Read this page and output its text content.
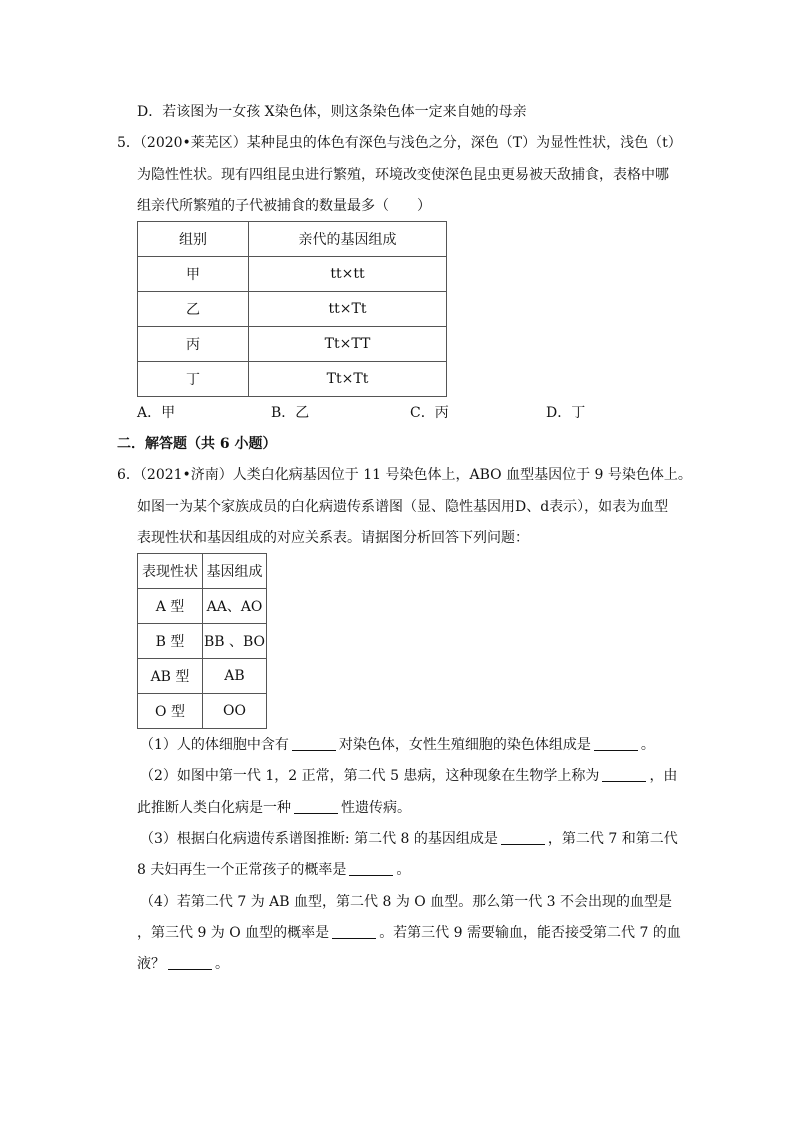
D．若该图为一女孩 X染色体，则这条染色体一定来自她的母亲
5．（2020•莱芜区）某种昆虫的体色有深色与浅色之分，深色（T）为显性性状，浅色（t）
为隐性性状。现有四组昆虫进行繁殖，环境改变使深色昆虫更易被天敌捕食，表格中哪
组亲代所繁殖的子代被捕食的数量最多（　　）
组别	亲代的基因组成
甲	tt×tt
乙	tt×Tt
丙	Tt×TT
丁	Tt×Tt
A．甲	B．乙	C．丙	D．丁
二．解答题（共 6 小题）
6．（2021•济南）人类白化病基因位于 11 号染色体上，ABO 血型基因位于 9 号染色体上。
如图一为某个家族成员的白化病遗传系谱图（显、隐性基因用D、d表示），如表为血型
表现性状和基因组成的对应关系表。请据图分析回答下列问题：
表现性状	基因组成
A 型	AA、AO
B 型	BB 、BO
AB 型	AB
O 型	OO
（1）人的体细胞中含有	对染色体，女性生殖细胞的染色体组成是	。
（2）如图中第一代 1，2 正常，第二代 5 患病，这种现象在生物学上称为	，由
此推断人类白化病是一种	性遗传病。
（3）根据白化病遗传系谱图推断: 第二代 8 的基因组成是	，第二代 7 和第二代
8 夫妇再生一个正常孩子的概率是	。
（4）若第二代 7 为 AB 血型，第二代 8 为 O 血型。那么第一代 3 不会出现的血型是
，第三代 9 为 O 血型的概率是	。若第三代 9 需要输血，能否接受第二代 7 的血
液？	。
